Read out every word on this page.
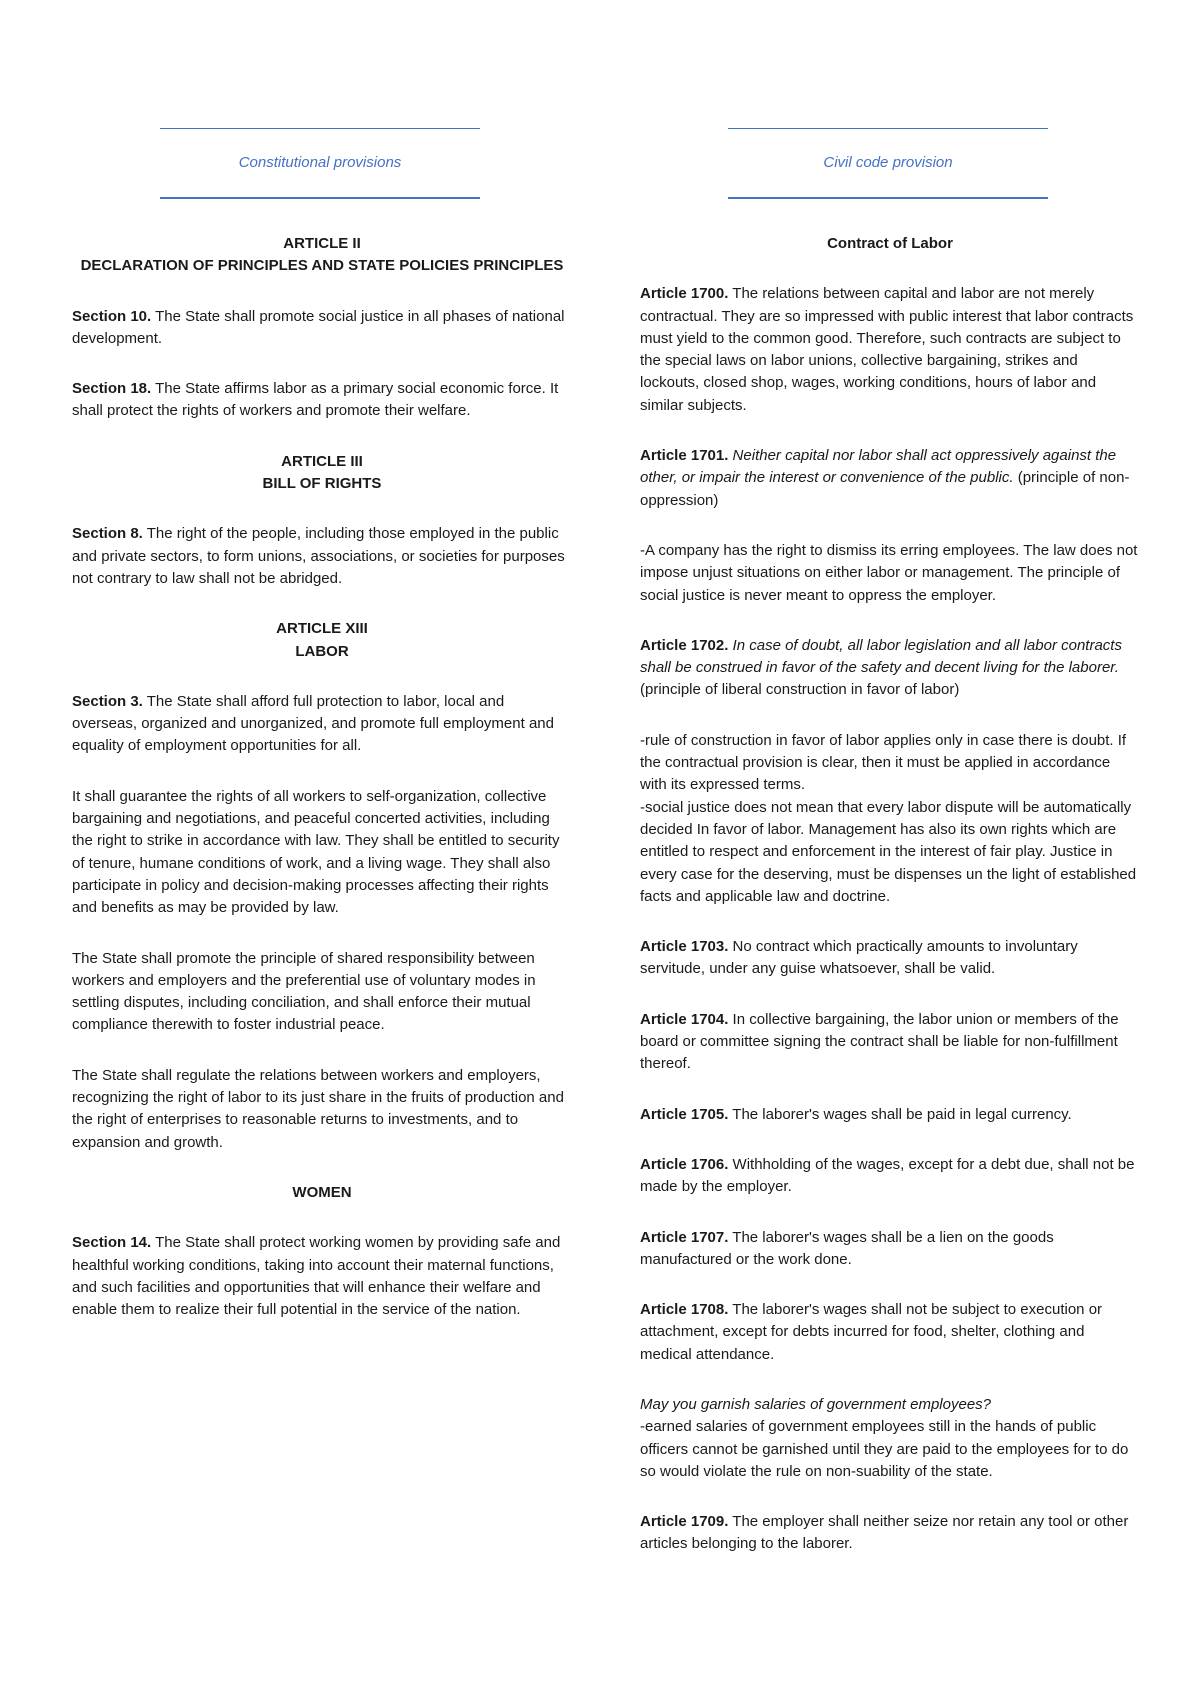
Constitutional provisions
ARTICLE II
DECLARATION OF PRINCIPLES AND STATE POLICIES PRINCIPLES

Section 10. The State shall promote social justice in all phases of national development.

Section 18. The State affirms labor as a primary social economic force. It shall protect the rights of workers and promote their welfare.

ARTICLE III
BILL OF RIGHTS

Section 8. The right of the people, including those employed in the public and private sectors, to form unions, associations, or societies for purposes not contrary to law shall not be abridged.

ARTICLE XIII
LABOR

Section 3. The State shall afford full protection to labor, local and overseas, organized and unorganized, and promote full employment and equality of employment opportunities for all.

It shall guarantee the rights of all workers to self-organization, collective bargaining and negotiations, and peaceful concerted activities, including the right to strike in accordance with law. They shall be entitled to security of tenure, humane conditions of work, and a living wage. They shall also participate in policy and decision-making processes affecting their rights and benefits as may be provided by law.

The State shall promote the principle of shared responsibility between workers and employers and the preferential use of voluntary modes in settling disputes, including conciliation, and shall enforce their mutual compliance therewith to foster industrial peace.

The State shall regulate the relations between workers and employers, recognizing the right of labor to its just share in the fruits of production and the right of enterprises to reasonable returns to investments, and to expansion and growth.

WOMEN

Section 14. The State shall protect working women by providing safe and healthful working conditions, taking into account their maternal functions, and such facilities and opportunities that will enhance their welfare and enable them to realize their full potential in the service of the nation.

Civil code provision
Contract of Labor

Article 1700. The relations between capital and labor are not merely contractual. They are so impressed with public interest that labor contracts must yield to the common good. Therefore, such contracts are subject to the special laws on labor unions, collective bargaining, strikes and lockouts, closed shop, wages, working conditions, hours of labor and similar subjects.

Article 1701. Neither capital nor labor shall act oppressively against the other, or impair the interest or convenience of the public. (principle of non-oppression)

-A company has the right to dismiss its erring employees. The law does not impose unjust situations on either labor or management. The principle of social justice is never meant to oppress the employer.

Article 1702. In case of doubt, all labor legislation and all labor contracts shall be construed in favor of the safety and decent living for the laborer. (principle of liberal construction in favor of labor)

-rule of construction in favor of labor applies only in case there is doubt. If the contractual provision is clear, then it must be applied in accordance with its expressed terms.

-social justice does not mean that every labor dispute will be automatically decided In favor of labor. Management has also its own rights which are entitled to respect and enforcement in the interest of fair play. Justice in every case for the deserving, must be dispenses un the light of established facts and applicable law and doctrine.

Article 1703. No contract which practically amounts to involuntary servitude, under any guise whatsoever, shall be valid.

Article 1704. In collective bargaining, the labor union or members of the board or committee signing the contract shall be liable for non-fulfillment thereof.

Article 1705. The laborer's wages shall be paid in legal currency.

Article 1706. Withholding of the wages, except for a debt due, shall not be made by the employer.

Article 1707. The laborer's wages shall be a lien on the goods manufactured or the work done.

Article 1708. The laborer's wages shall not be subject to execution or attachment, except for debts incurred for food, shelter, clothing and medical attendance.

May you garnish salaries of government employees?

-earned salaries of government employees still in the hands of public officers cannot be garnished until they are paid to the employees for to do so would violate the rule on non-suability of the state.

Article 1709. The employer shall neither seize nor retain any tool or other articles belonging to the laborer.
